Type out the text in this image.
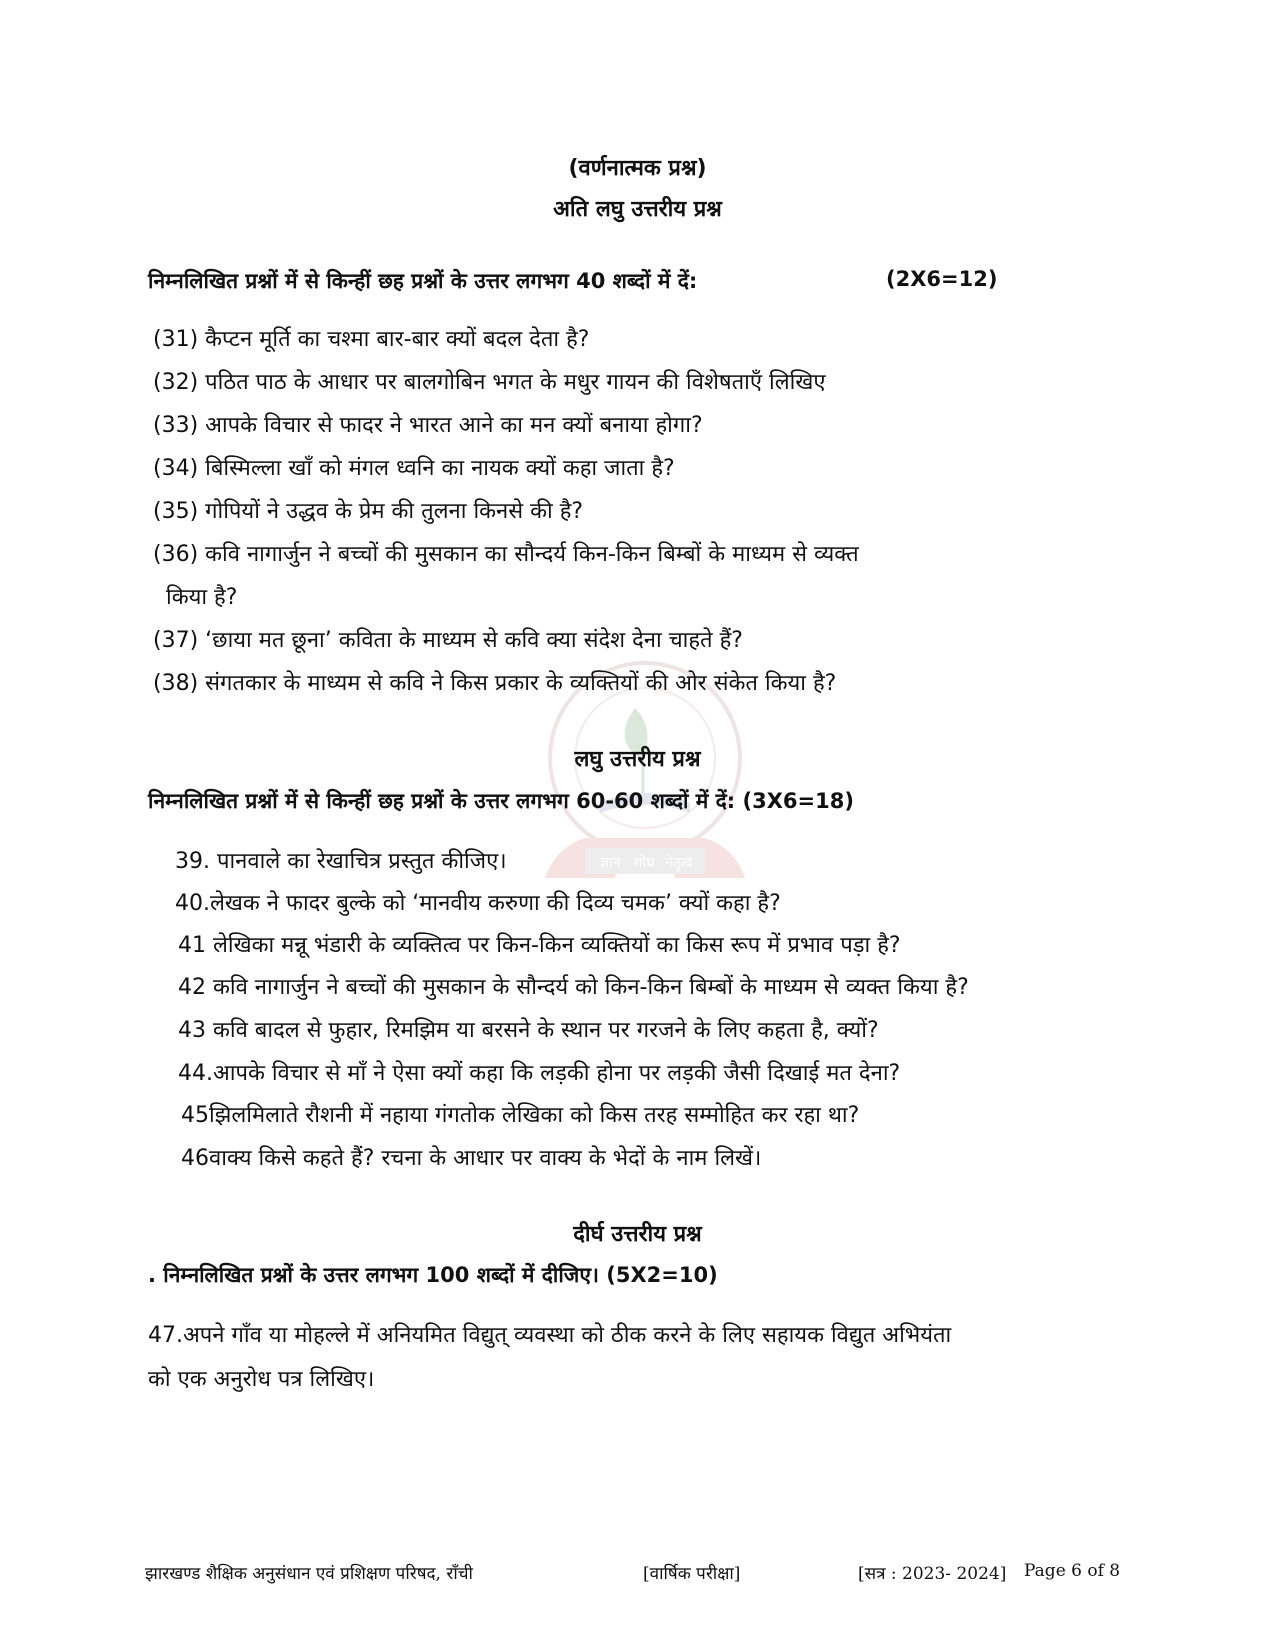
ज्ञान शोध नेतृत्व
(वर्णनात्मक प्रश्न)
अति लघु उत्तरीय प्रश्न
निम्नलिखित प्रश्नों में से किन्हीं छह प्रश्नों के उत्तर लगभग 40 शब्दों में दें:	(2X6=12)
(31) कैप्टन मूर्ति का चश्मा बार-बार क्यों बदल देता है?
(32) पठित पाठ के आधार पर बालगोबिन भगत के मधुर गायन की विशेषताएँ लिखिए
(33) आपके विचार से फादर ने भारत आने का मन क्यों बनाया होगा?
(34) बिस्मिल्ला खाँ को मंगल ध्वनि का नायक क्यों कहा जाता है?
(35) गोपियों ने उद्धव के प्रेम की तुलना किनसे की है?
(36) कवि नागार्जुन ने बच्चों की मुसकान का सौन्दर्य किन-किन बिम्बों के माध्यम से व्यक्त
किया है?
(37) ‘छाया मत छूना’ कविता के माध्यम से कवि क्या संदेश देना चाहते हैं?
(38) संगतकार के माध्यम से कवि ने किस प्रकार के व्यक्तियों की ओर संकेत किया है?
लघु उत्तरीय प्रश्न
निम्नलिखित प्रश्नों में से किन्हीं छह प्रश्नों के उत्तर लगभग 60-60 शब्दों में दें: (3X6=18)
39. पानवाले का रेखाचित्र प्रस्तुत कीजिए।
40.लेखक ने फादर बुल्के को ‘मानवीय करुणा की दिव्य चमक’ क्यों कहा है?
41 लेखिका मन्नू भंडारी के व्यक्तित्व पर किन-किन व्यक्तियों का किस रूप में प्रभाव पड़ा है?
42 कवि नागार्जुन ने बच्चों की मुसकान के सौन्दर्य को किन-किन बिम्बों के माध्यम से व्यक्त किया है?
43 कवि बादल से फुहार, रिमझिम या बरसने के स्थान पर गरजने के लिए कहता है, क्यों?
44.आपके विचार से माँ ने ऐसा क्यों कहा कि लड़की होना पर लड़की जैसी दिखाई मत देना?
45झिलमिलाते रौशनी में नहाया गंगतोक लेखिका को किस तरह सम्मोहित कर रहा था?
46वाक्य किसे कहते हैं? रचना के आधार पर वाक्य के भेदों के नाम लिखें।
दीर्घ उत्तरीय प्रश्न
. निम्नलिखित प्रश्नों के उत्तर लगभग 100 शब्दों में दीजिए। (5X2=10)
47.अपने गाँव या मोहल्ले में अनियमित विद्युत् व्यवस्था को ठीक करने के लिए सहायक विद्युत अभियंता
को एक अनुरोध पत्र लिखिए।
झारखण्ड शैक्षिक अनुसंधान एवं प्रशिक्षण परिषद, राँची	[वार्षिक परीक्षा]	[सत्र : 2023- 2024] Page 6 of 8
